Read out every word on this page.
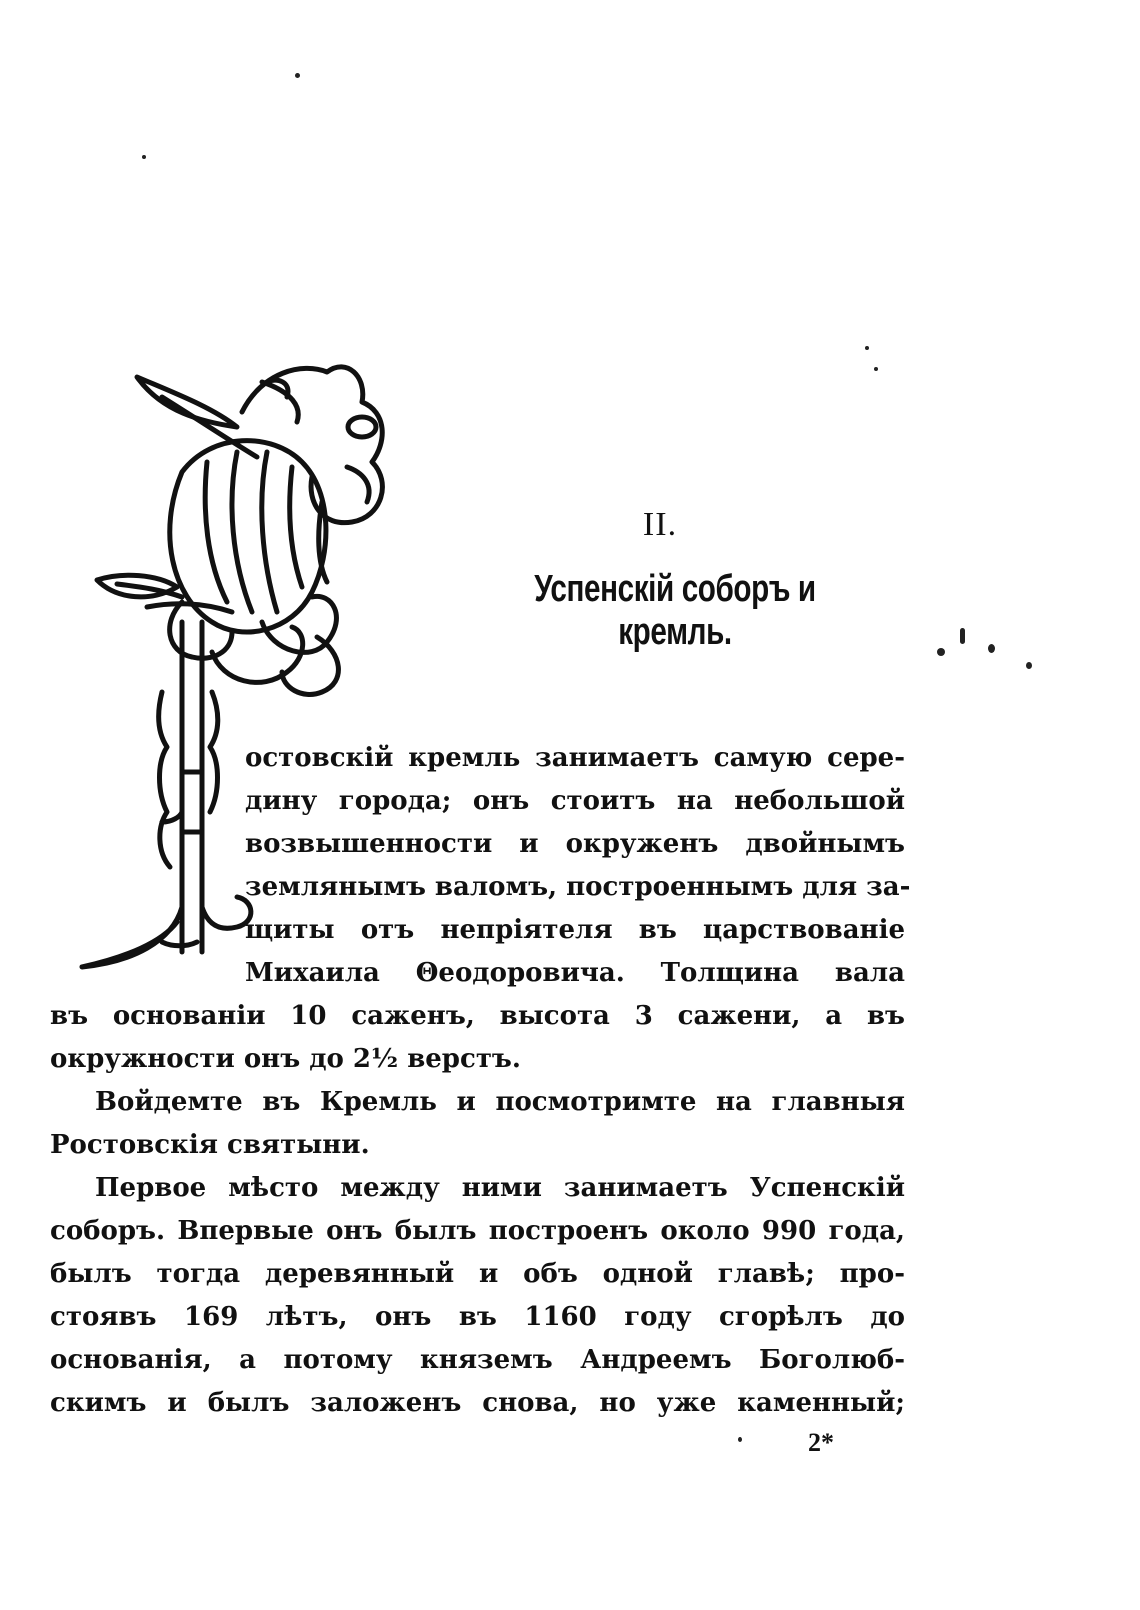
II.
Успенскій соборъ и кремль.
остовскій кремль занимаетъ самую сере-
дину города; онъ стоитъ на небольшой
возвышенности и окруженъ двойнымъ
землянымъ валомъ, построеннымъ для за-
щиты отъ непріятеля въ царствованіе
Михаила Θеодоровича. Толщина вала
въ основаніи 10 саженъ, высота 3 сажени, а въ
окружности онъ до 2½ верстъ.
Войдемте въ Кремль и посмотримте на главныя
Ростовскія святыни.
Первое мѣсто между ними занимаетъ Успенскій
соборъ. Впервые онъ былъ построенъ около 990 года,
былъ тогда деревянный и объ одной главѣ; про-
стоявъ 169 лѣтъ, онъ въ 1160 году сгорѣлъ до
основанія, а потому княземъ Андреемъ Боголюб-
скимъ и былъ заложенъ снова, но уже каменный;
2*
